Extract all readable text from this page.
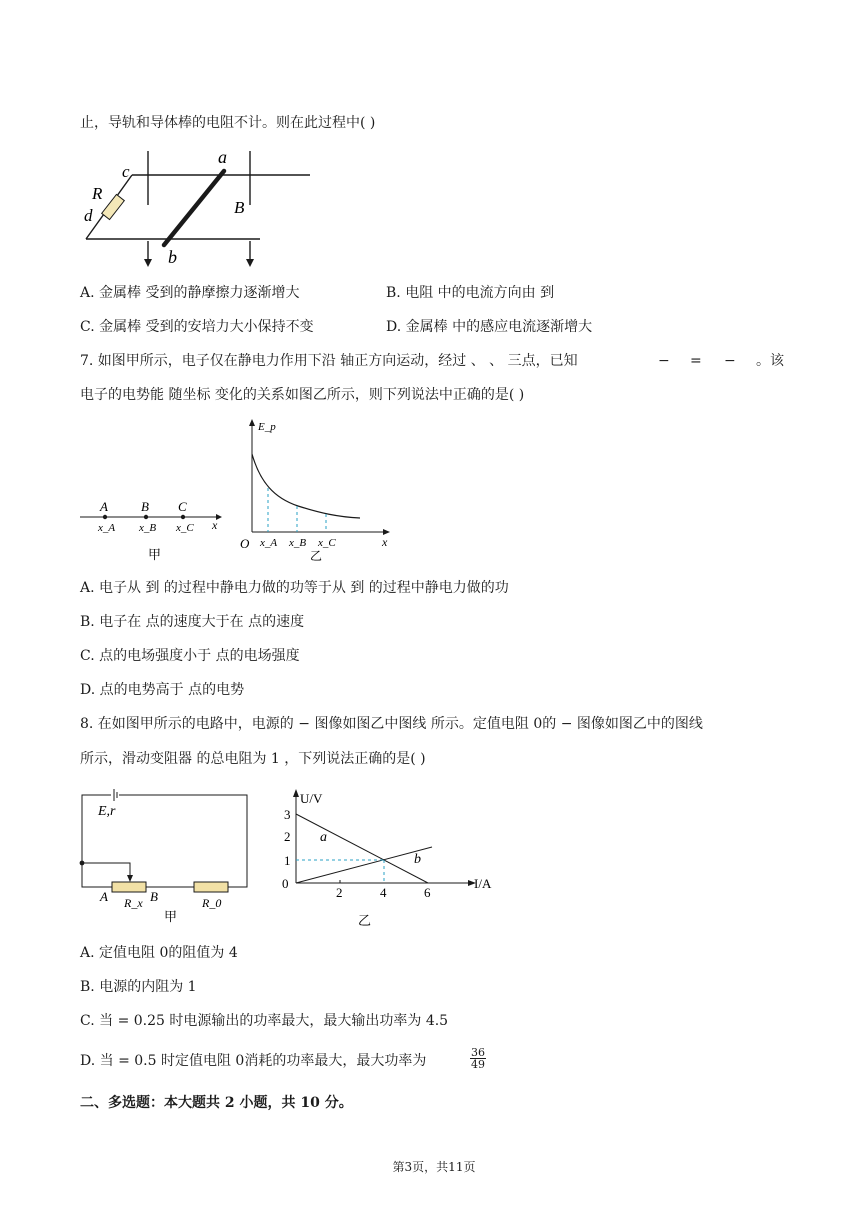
止，导轨和导体棒的电阻不计。则在此过程中( )
a
c
R
d	B
b
A. 金属棒 受到的静摩擦力逐渐增大	B. 电阻 中的电流方向由 到
C. 金属棒 受到的安培力大小保持不变	D. 金属棒 中的感应电流逐渐增大
7. 如图甲所示，电子仅在静电力作用下沿 轴正方向运动，经过 、 、 三点，已知	− = − 。该
电子的电势能 随坐标 变化的关系如图乙所示，则下列说法中正确的是( )
A	B C
x_A x_B x_C x
甲
E_p
O x_A x_B x_C	x
乙
A. 电子从 到 的过程中静电力做的功等于从 到 的过程中静电力做的功
B. 电子在 点的速度大于在 点的速度
C. 点的电场强度小于 点的电场强度
D. 点的电势高于 点的电势
8. 在如图甲所示的电路中，电源的 − 图像如图乙中图线 所示。定值电阻 0的 − 图像如图乙中的图线
所示，滑动变阻器 的总电阻为 1 ，下列说法正确的是( )
E,r
A	B
R_x	R_0
甲
U/V
I/A
3
2
1
0
2	4	6
a
b
乙
A. 定值电阻 0的阻值为 4
B. 电源的内阻为 1
C. 当 = 0.25 时电源输出的功率最大，最大输出功率为 4.5
D. 当 = 0.5 时定值电阻 0消耗的功率最大，最大功率为	$\frac{36}{49}$
二、多选题：本大题共 2 小题，共 10 分。
第3页，共11页
